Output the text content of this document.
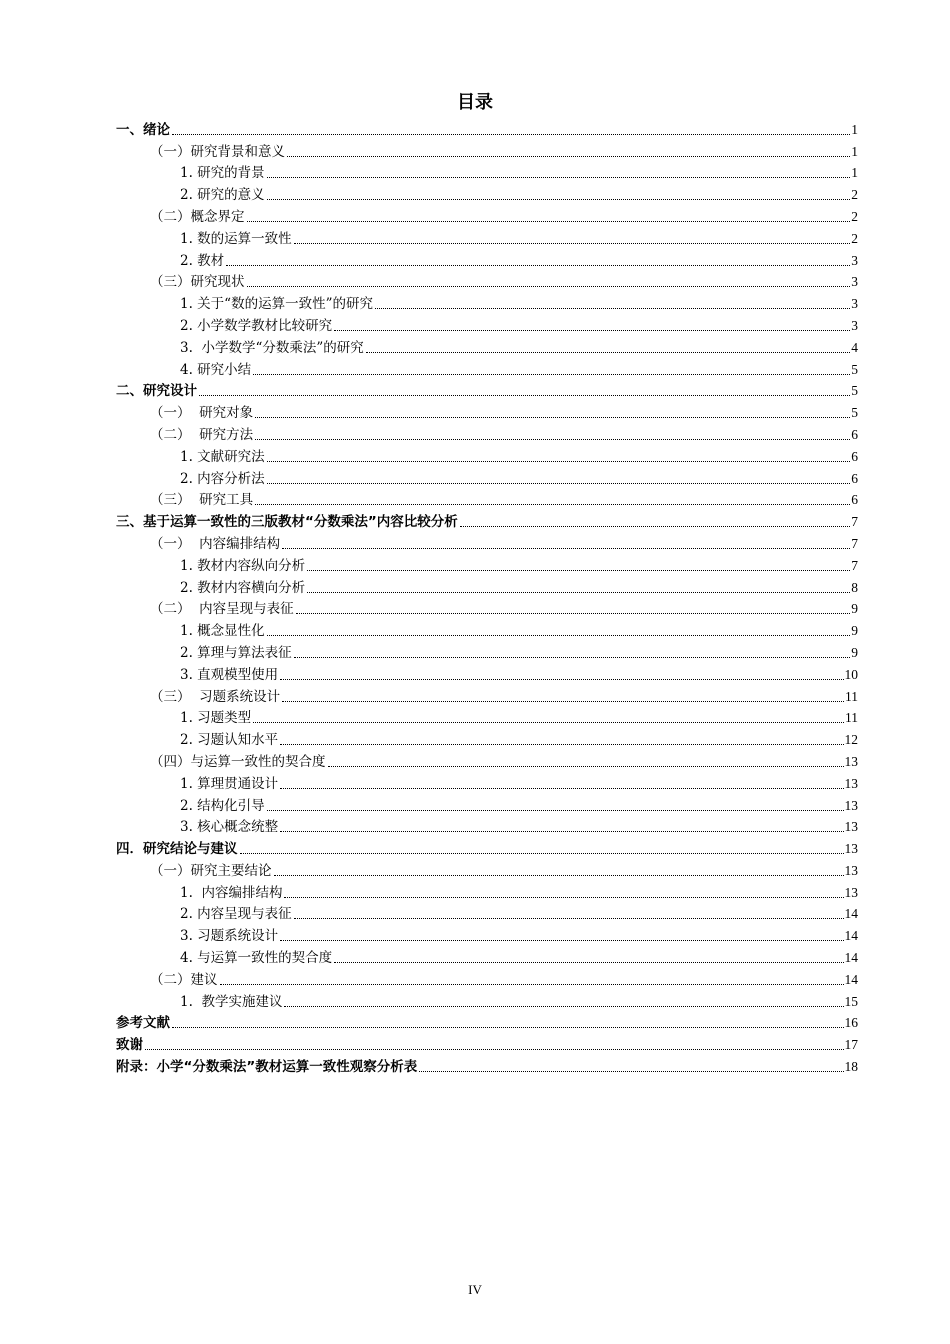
目录
一、绪论	1
（一）研究背景和意义	1
1. 研究的背景	1
2. 研究的意义	2
（二）概念界定	2
1. 数的运算一致性	2
2. 教材	3
（三）研究现状	3
1. 关于“数的运算一致性”的研究	3
2. 小学数学教材比较研究	3
3.  小学数学“分数乘法”的研究	4
4. 研究小结	5
二、研究设计	5
（一）  研究对象	5
（二）  研究方法	6
1. 文献研究法	6
2. 内容分析法	6
（三）  研究工具	6
三、基于运算一致性的三版教材“分数乘法”内容比较分析	7
（一）  内容编排结构	7
1. 教材内容纵向分析	7
2. 教材内容横向分析	8
（二）  内容呈现与表征	9
1. 概念显性化	9
2. 算理与算法表征	9
3. 直观模型使用	10
（三）  习题系统设计	11
1. 习题类型	11
2. 习题认知水平	12
（四）与运算一致性的契合度	13
1. 算理贯通设计	13
2. 结构化引导	13
3. 核心概念统整	13
四．研究结论与建议	13
（一）研究主要结论	13
1.  内容编排结构	13
2. 内容呈现与表征	14
3. 习题系统设计	14
4. 与运算一致性的契合度	14
（二）建议	14
1.  教学实施建议	15
参考文献	16
致谢	17
附录：小学“分数乘法”教材运算一致性观察分析表	18
IV
